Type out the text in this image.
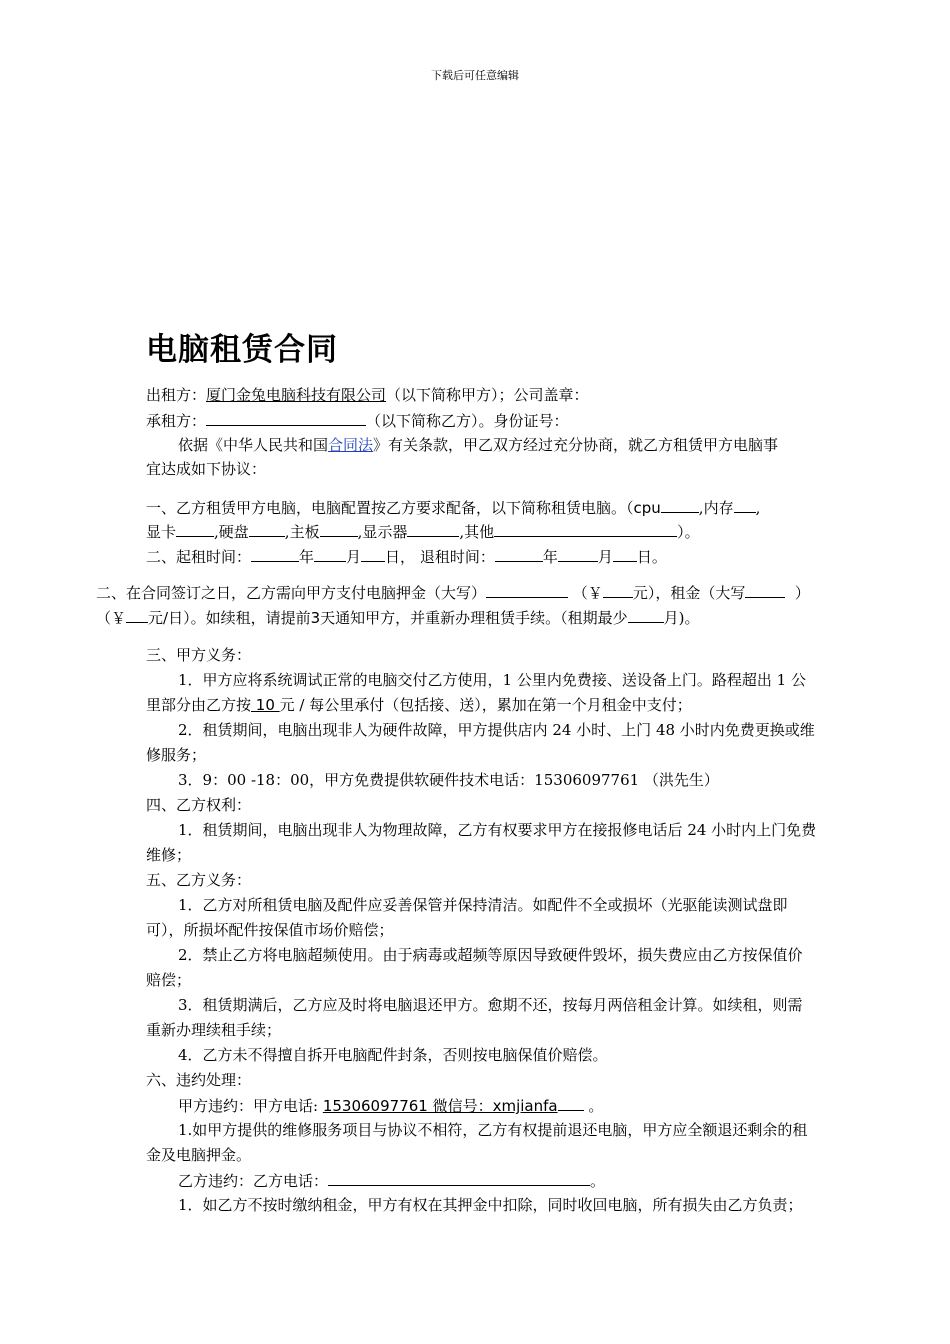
下载后可任意编辑
电脑租赁合同
出租方：厦门金兔电脑科技有限公司（以下简称甲方）；公司盖章：
承租方：	（以下简称乙方）。身份证号：
依据《中华人民共和国合同法》有关条款，甲乙双方经过充分协商，就乙方租赁甲方电脑事
宜达成如下协议：
一、乙方租赁甲方电脑，电脑配置按乙方要求配备，以下简称租赁电脑。（cpu	,内存 ,
显卡	,硬盘 ,主板	,显示器	,其他	）。
二、起租时间：	年 月 日， 退租时间：	年	月 日。
二、在合同签订之日，乙方需向甲方支付电脑押金（大写）	（￥ 元），租金（大写	）
（￥ 元/日）。如续租，请提前3天通知甲方，并重新办理租赁手续。（租期最少 月)。
三、甲方义务：
1．甲方应将系统调试正常的电脑交付乙方使用，1 公里内免费接、送设备上门。路程超出 1 公
里部分由乙方按 10 元 / 每公里承付（包括接、送），累加在第一个月租金中支付；
2．租赁期间，电脑出现非人为硬件故障，甲方提供店内 24 小时、上门 48 小时内免费更换或维
修服务；
3．9：00 -18：00，甲方免费提供软硬件技术电话：15306097761 （洪先生）
四、乙方权利：
1．租赁期间，电脑出现非人为物理故障，乙方有权要求甲方在接报修电话后 24 小时内上门免费
维修；
五、乙方义务：
1．乙方对所租赁电脑及配件应妥善保管并保持清洁。如配件不全或损坏（光驱能读测试盘即
可），所损坏配件按保值市场价赔偿；
2．禁止乙方将电脑超频使用。由于病毒或超频等原因导致硬件毁坏，损失费应由乙方按保值价
赔偿；
3．租赁期满后，乙方应及时将电脑退还甲方。愈期不还，按每月两倍租金计算。如续租，则需
重新办理续租手续；
4．乙方未不得擅自拆开电脑配件封条，否则按电脑保值价赔偿。
六、违约处理：
甲方违约：甲方电话: 15306097761 微信号：xmjianfa 。
1.如甲方提供的维修服务项目与协议不相符，乙方有权提前退还电脑，甲方应全额退还剩余的租
金及电脑押金。
乙方违约：乙方电话：	。
1．如乙方不按时缴纳租金，甲方有权在其押金中扣除，同时收回电脑，所有损失由乙方负责；
